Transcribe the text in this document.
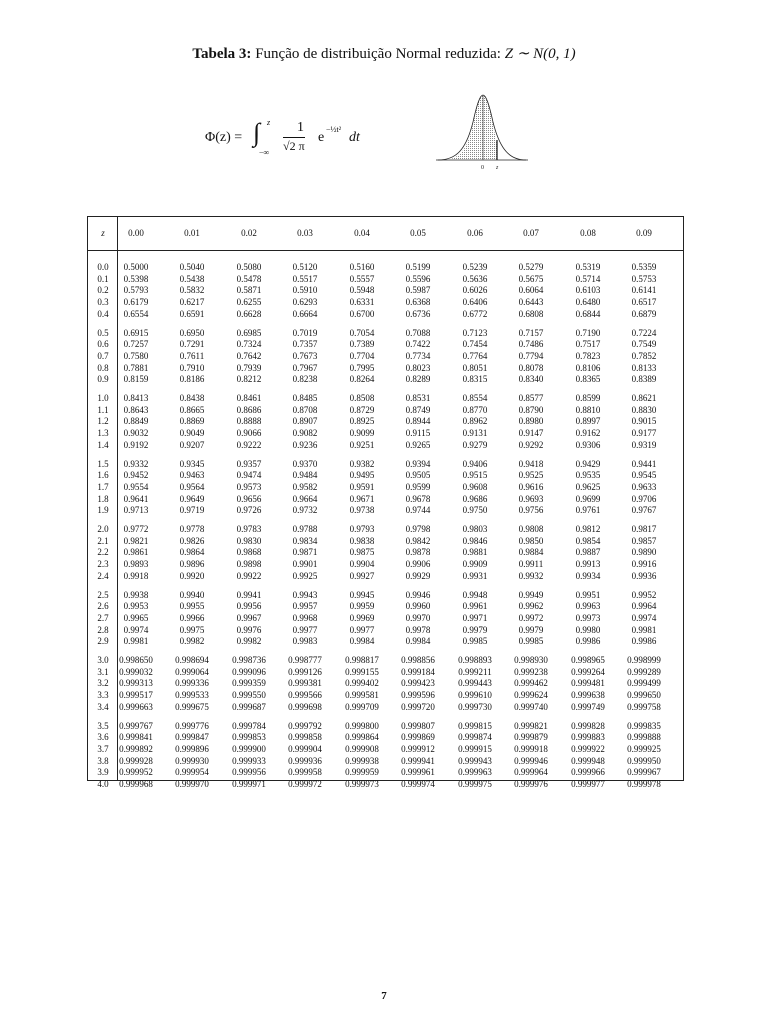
Tabela 3: Função de distribuição Normal reduzida: Z ∼ N(0, 1)
Φ(z) = ∫ z
−∞
1
√2 π
e
−½t²
dt
0 z
z	0.00	0.01	0.02	0.03	0.04	0.05	0.06	0.07	0.08	0.09
0.0 0.5000	0.5040	0.5080	0.5120	0.5160	0.5199	0.5239	0.5279	0.5319	0.5359
0.1 0.5398	0.5438	0.5478	0.5517	0.5557	0.5596	0.5636	0.5675	0.5714	0.5753
0.2 0.5793	0.5832	0.5871	0.5910	0.5948	0.5987	0.6026	0.6064	0.6103	0.6141
0.3 0.6179	0.6217	0.6255	0.6293	0.6331	0.6368	0.6406	0.6443	0.6480	0.6517
0.4 0.6554	0.6591	0.6628	0.6664	0.6700	0.6736	0.6772	0.6808	0.6844	0.6879
0.5 0.6915	0.6950	0.6985	0.7019	0.7054	0.7088	0.7123	0.7157	0.7190	0.7224
0.6 0.7257	0.7291	0.7324	0.7357	0.7389	0.7422	0.7454	0.7486	0.7517	0.7549
0.7 0.7580	0.7611	0.7642	0.7673	0.7704	0.7734	0.7764	0.7794	0.7823	0.7852
0.8 0.7881	0.7910	0.7939	0.7967	0.7995	0.8023	0.8051	0.8078	0.8106	0.8133
0.9 0.8159	0.8186	0.8212	0.8238	0.8264	0.8289	0.8315	0.8340	0.8365	0.8389
1.0 0.8413	0.8438	0.8461	0.8485	0.8508	0.8531	0.8554	0.8577	0.8599	0.8621
1.1 0.8643	0.8665	0.8686	0.8708	0.8729	0.8749	0.8770	0.8790	0.8810	0.8830
1.2 0.8849	0.8869	0.8888	0.8907	0.8925	0.8944	0.8962	0.8980	0.8997	0.9015
1.3 0.9032	0.9049	0.9066	0.9082	0.9099	0.9115	0.9131	0.9147	0.9162	0.9177
1.4 0.9192	0.9207	0.9222	0.9236	0.9251	0.9265	0.9279	0.9292	0.9306	0.9319
1.5 0.9332	0.9345	0.9357	0.9370	0.9382	0.9394	0.9406	0.9418	0.9429	0.9441
1.6 0.9452	0.9463	0.9474	0.9484	0.9495	0.9505	0.9515	0.9525	0.9535	0.9545
1.7 0.9554	0.9564	0.9573	0.9582	0.9591	0.9599	0.9608	0.9616	0.9625	0.9633
1.8 0.9641	0.9649	0.9656	0.9664	0.9671	0.9678	0.9686	0.9693	0.9699	0.9706
1.9 0.9713	0.9719	0.9726	0.9732	0.9738	0.9744	0.9750	0.9756	0.9761	0.9767
2.0 0.9772	0.9778	0.9783	0.9788	0.9793	0.9798	0.9803	0.9808	0.9812	0.9817
2.1 0.9821	0.9826	0.9830	0.9834	0.9838	0.9842	0.9846	0.9850	0.9854	0.9857
2.2 0.9861	0.9864	0.9868	0.9871	0.9875	0.9878	0.9881	0.9884	0.9887	0.9890
2.3 0.9893	0.9896	0.9898	0.9901	0.9904	0.9906	0.9909	0.9911	0.9913	0.9916
2.4 0.9918	0.9920	0.9922	0.9925	0.9927	0.9929	0.9931	0.9932	0.9934	0.9936
2.5 0.9938	0.9940	0.9941	0.9943	0.9945	0.9946	0.9948	0.9949	0.9951	0.9952
2.6 0.9953	0.9955	0.9956	0.9957	0.9959	0.9960	0.9961	0.9962	0.9963	0.9964
2.7 0.9965	0.9966	0.9967	0.9968	0.9969	0.9970	0.9971	0.9972	0.9973	0.9974
2.8 0.9974	0.9975	0.9976	0.9977	0.9977	0.9978	0.9979	0.9979	0.9980	0.9981
2.9 0.9981	0.9982	0.9982	0.9983	0.9984	0.9984	0.9985	0.9985	0.9986	0.9986
3.0 0.998650 0.998694	0.998736 0.998777	0.998817 0.998856	0.998893 0.998930	0.998965 0.998999
3.1 0.999032 0.999064	0.999096 0.999126	0.999155 0.999184	0.999211 0.999238	0.999264 0.999289
3.2 0.999313 0.999336	0.999359 0.999381	0.999402 0.999423	0.999443 0.999462	0.999481 0.999499
3.3 0.999517 0.999533	0.999550 0.999566	0.999581 0.999596	0.999610 0.999624	0.999638 0.999650
3.4 0.999663 0.999675	0.999687 0.999698	0.999709 0.999720	0.999730 0.999740	0.999749 0.999758
3.5 0.999767 0.999776	0.999784 0.999792	0.999800 0.999807	0.999815 0.999821	0.999828 0.999835
3.6 0.999841 0.999847	0.999853 0.999858	0.999864 0.999869	0.999874 0.999879	0.999883 0.999888
3.7 0.999892 0.999896	0.999900 0.999904	0.999908 0.999912	0.999915 0.999918	0.999922 0.999925
3.8 0.999928 0.999930	0.999933 0.999936	0.999938 0.999941	0.999943 0.999946	0.999948 0.999950
3.9 0.999952 0.999954	0.999956 0.999958	0.999959 0.999961	0.999963 0.999964	0.999966 0.999967
4.0 0.999968 0.999970	0.999971 0.999972	0.999973 0.999974	0.999975 0.999976	0.999977 0.999978
7
